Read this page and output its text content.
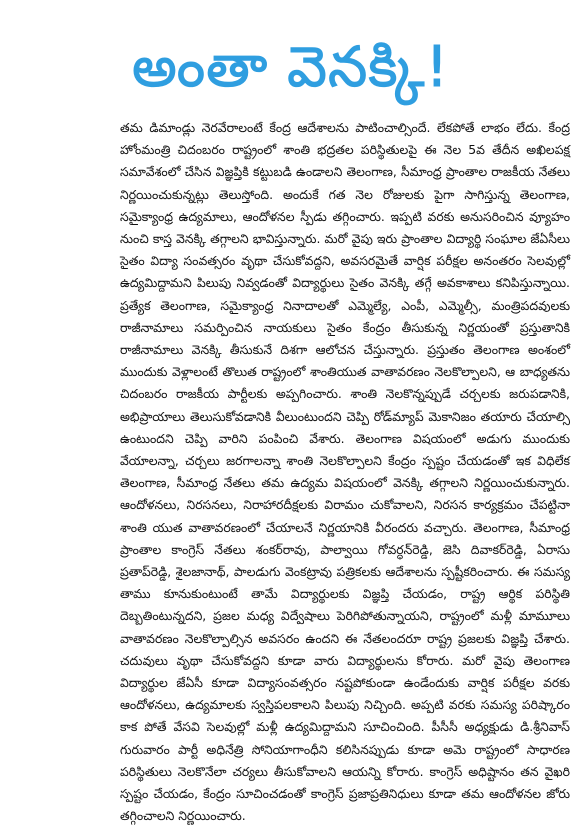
అంతా వెనక్కి!
తమ డిమాండ్లు నెరవేరాలంటే కేంద్ర ఆదేశాలను పాటించాల్సిందే. లేకపోతే లాభం లేదు. కేంద్ర హోంమంత్రి చిదంబరం రాష్ట్రంలో శాంతి భద్రతల పరిస్థితులపై ఈ నెల 5వ తేదీన అఖిలపక్ష సమావేశంలో చేసిన విజ్ఞప్తికి కట్టుబడి ఉండాలని తెలంగాణ, సీమాంధ్ర ప్రాంతాల రాజకీయ నేతలు నిర్ణయించుకున్నట్లు తెలుస్తోంది. అందుకే గత నెల రోజులకు పైగా సాగిస్తున్న తెలంగాణ, సమైక్యాంధ్ర ఉద్యమాలు, ఆందోళనల స్పీడు తగ్గించారు. ఇప్పటి వరకు అనుసరించిన వ్యూహం నుంచి కాస్త వెనక్కి తగ్గాలని భావిస్తున్నారు. మరో వైపు ఇరు ప్రాంతాల విద్యార్థి సంఘాల జేఏసీలు సైతం విద్యా సంవత్సరం వృథా చేసుకోవద్దని, అవసరమైతే వార్షిక పరీక్షల అనంతరం సెలవుల్లో ఉద్యమిద్దామని పిలుపు నివ్వడంతో విద్యార్థులు సైతం వెనక్కి తగ్గే అవకాశాలు కనిపిస్తున్నాయి. ప్రత్యేక తెలంగాణ, సమైక్యాంధ్ర నినాదాలతో ఎమ్మెల్యే, ఎంపీ, ఎమ్మెల్సీ, మంత్రిపదవులకు రాజీనామాలు సమర్పించిన నాయకులు సైతం కేంద్రం తీసుకున్న నిర్ణయంతో ప్రస్తుతానికి రాజీనామాలు వెనక్కి తీసుకునే దిశగా ఆలోచన చేస్తున్నారు. ప్రస్తుతం తెలంగాణ అంశంలో ముందుకు వెళ్లాలంటే తొలుత రాష్ట్రంలో శాంతియుత వాతావరణం నెలకొల్పాలని, ఆ బాధ్యతను చిదంబరం రాజకీయ పార్టీలకు అప్పగించారు. శాంతి నెలకొన్నప్పుడే చర్చలకు జరుపడానికి, అభిప్రాయాలు తెలుసుకోవడానికి వీలుంటుందని చెప్పి రోడ్‌మ్యాప్ మెకానిజం తయారు చేయాల్సి ఉంటుందని చెప్పి వారిని పంపించి వేశారు. తెలంగాణ విషయంలో అడుగు ముందుకు వేయాలన్నా, చర్చలు జరగాలన్నా శాంతి నెలకొల్పాలని కేంద్రం స్పష్టం చేయడంతో ఇక విధిలేక తెలంగాణ, సీమాంధ్ర నేతలు తమ ఉద్యమ విషయంలో వెనక్కి తగ్గాలని నిర్ణయించుకున్నారు. ఆందోళనలు, నిరసనలు, నిరాహారదీక్షలకు విరామం చుకోవాలని, నిరసన కార్యక్రమం చేపట్టినా శాంతి యుత వాతావరణంలో చేయాలనే నిర్ణయానికి వీరందరు వచ్చారు. తెలంగాణ, సీమాంధ్ర ప్రాంతాల కాంగ్రెస్ నేతలు శంకర్‌రావు, పాల్వాయి గోవర్ధన్‌రెడ్డి, జెసి దివాకర్‌రెడ్డి, ఏరాసు ప్రతాప్‌రెడ్డి, శైలజానాథ్, పాలడుగు వెంకట్రావు పత్రికలకు ఆదేశాలను స్పష్టీకరించారు. ఈ సమస్య తాము కూనుకుంటుంటే తామే విద్యార్థులకు విజ్ఞప్తి చేయడం, రాష్ట్ర ఆర్థిక పరిస్థితి దెబ్బతింటున్నదని, ప్రజల మధ్య విద్వేషాలు పెరిగిపోతున్నాయని, రాష్ట్రంలో మళ్లీ మామూలు వాతావరణం నెలకొల్పాల్సిన అవసరం ఉందని ఈ నేతలందరూ రాష్ట్ర ప్రజలకు విజ్ఞప్తి చేశారు. చదువులు వృథా చేసుకోవద్దని కూడా వారు విద్యార్థులను కోరారు. మరో వైపు తెలంగాణ విద్యార్థుల జేఏసీ కూడా విద్యాసంవత్సరం నష్టపోకుండా ఉండేందుకు వార్షిక పరీక్షల వరకు ఆందోళనలు, ఉద్యమాలకు స్వస్తిపలకాలని పిలుపు నిచ్చింది. అప్పటి వరకు సమస్య పరిష్కారం కాక పోతే వేసవి సెలవుల్లో మళ్లీ ఉద్యమిద్దామని సూచించింది. పీసీసీ అధ్యక్షుడు డి.శ్రీనివాస్ గురువారం పార్టీ అధినేత్రి సోనియాగాంధీని కలిసినప్పుడు కూడా అమె రాష్ట్రంలో సాధారణ పరిస్థితులు నెలకొనేలా చర్యలు తీసుకోవాలని ఆయన్ని కోరారు. కాంగ్రెస్ అధిష్టానం తన వైఖరి స్పష్టం చేయడం, కేంద్రం సూచించడంతో కాంగ్రెస్ ప్రజాప్రతినిధులు కూడా తమ ఆందోళనల జోరు తగ్గించాలని నిర్ణయించారు.
